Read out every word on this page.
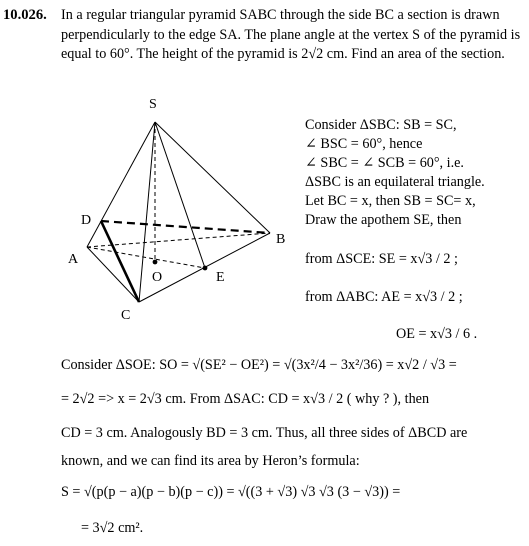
10.026. In a regular triangular pyramid SABC through the side BC a section is drawn perpendicularly to the edge SA. The plane angle at the vertex S of the pyramid is equal to 60°. The height of the pyramid is 2√2 cm. Find an area of the section.
S
D
B
A
O	E
C
Consider ΔSBC: SB = SC,
∠ BSC = 60°, hence
∠ SBC = ∠ SCB = 60°, i.e.
ΔSBC is an equilateral triangle.
Let BC = x, then SB = SC= x,
Draw the apothem SE, then
from ΔSCE: SE = x√3 / 2 ;
from ΔABC: AE = x√3 / 2 ;
OE = x√3 / 6 .
Consider ΔSOE: SO = √(SE² − OE²) = √(3x²/4 − 3x²/36) = x√2 / √3 =
= 2√2 => x = 2√3 cm. From ΔSAC: CD = x√3 / 2 ( why ? ), then
CD = 3 cm. Analogously BD = 3 cm. Thus, all three sides of ΔBCD are
known, and we can find its area by Heron’s formula:
S = √(p(p − a)(p − b)(p − c)) = √((3 + √3) √3 √3 (3 − √3)) =
= 3√2 cm².
